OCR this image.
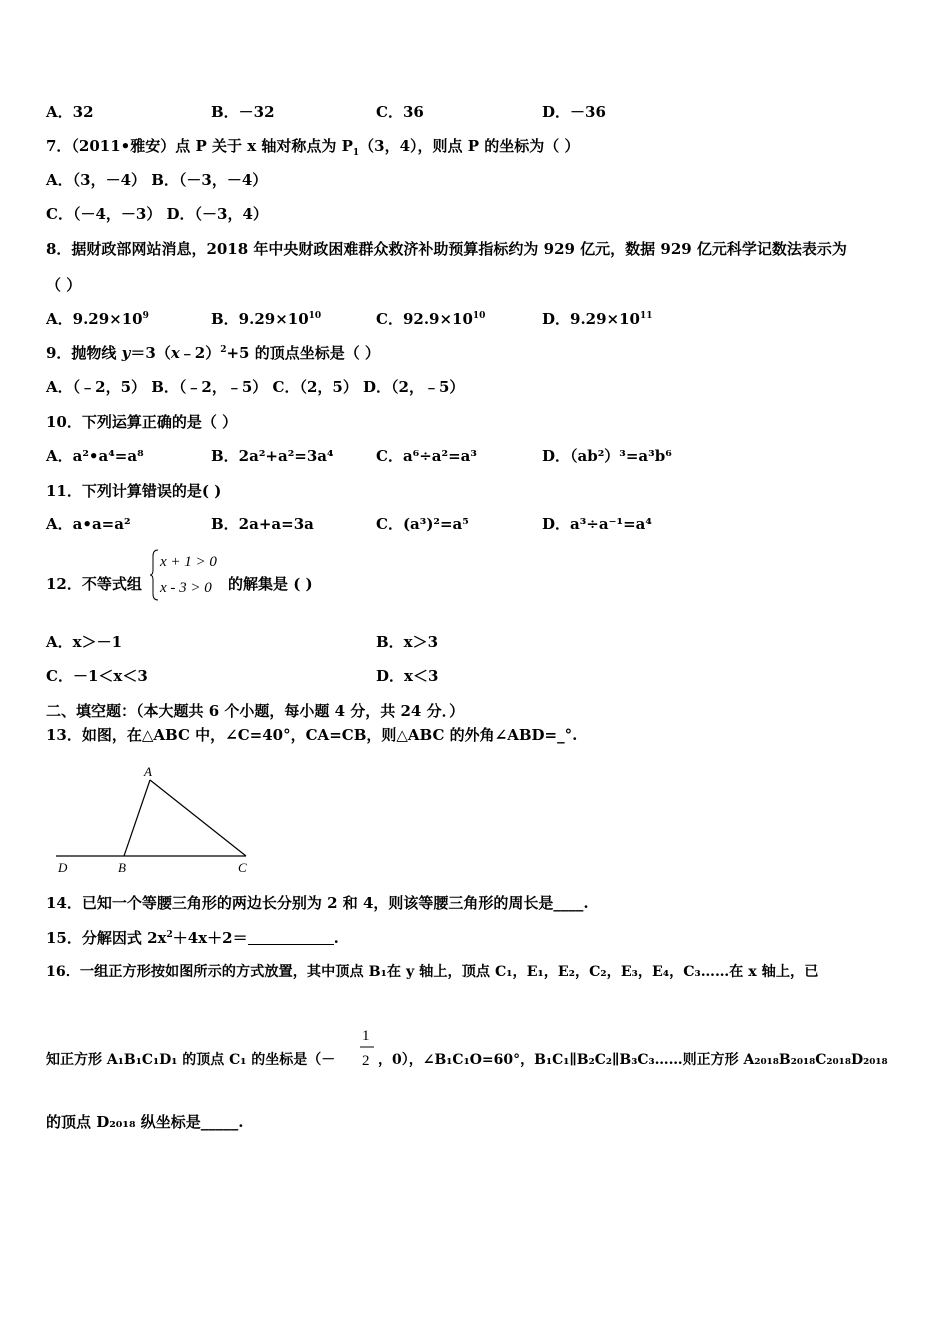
A．32	B．－32	C．36	D．－36
7．（2011•雅安）点 P 关于 x 轴对称点为 $P_1(3$，4），则点 P 的坐标为（ ）
A．（3，－4） B．（－3，－4）
C．（－4，－3） D．（－3，4）
8．据财政部网站消息，2018 年中央财政困难群众救济补助预算指标约为 929 亿元，数据 929 亿元科学记数法表示为
（ ）
A．$9.29\times 10^9$	B．$9.29\times 10^{10}$	C．$92.9\times 10^{10}$	D．$9.29\times 10^{11}$
9．抛物线 y＝3（x﹣2）$^2$+5 的顶点坐标是（ ）
A．（﹣2，5） B．（﹣2，﹣5） C．（2，5） D．（2，﹣5）
10．下列运算正确的是（ ）
A．a²•a⁴=a⁸	B．2a²+a²=3a⁴	C．a⁶÷a²=a³	D．（ab²）³=a³b⁶
11．下列计算错误的是( )
A．a•a=a²	B．2a+a=3a	C．(a³)²=a⁵	D．a³÷a⁻¹=a⁴
12．不等式组
x + 1 > 0
x - 3 > 0 的解集是 ( )
A．x＞－1	B．x＞3
C．－1＜x＜3	D．x＜3
二、填空题：（本大题共 6 个小题，每小题 4 分，共 24 分．）
13．如图，在△ABC 中，∠C=40°，CA=CB，则△ABC 的外角∠ABD=_°.
A
B	C
D
14．已知一个等腰三角形的两边长分别为 2 和 4，则该等腰三角形的周长是____.
15．分解因式 $2x^2+4x+2=$	.
16．一组正方形按如图所示的方式放置，其中顶点 B₁在 y 轴上，顶点 C₁，E₁，E₂，C₂，E₃，E₄，C₃……在 x 轴上，已
知正方形 A₁B₁C₁D₁ 的顶点 C₁ 的坐标是（－
1
2 ，0），∠B₁C₁O=60°，B₁C₁∥B₂C₂∥B₃C₃……则正方形 A₂₀₁₈B₂₀₁₈C₂₀₁₈D₂₀₁₈
的顶点 D₂₀₁₈ 纵坐标是_____.
